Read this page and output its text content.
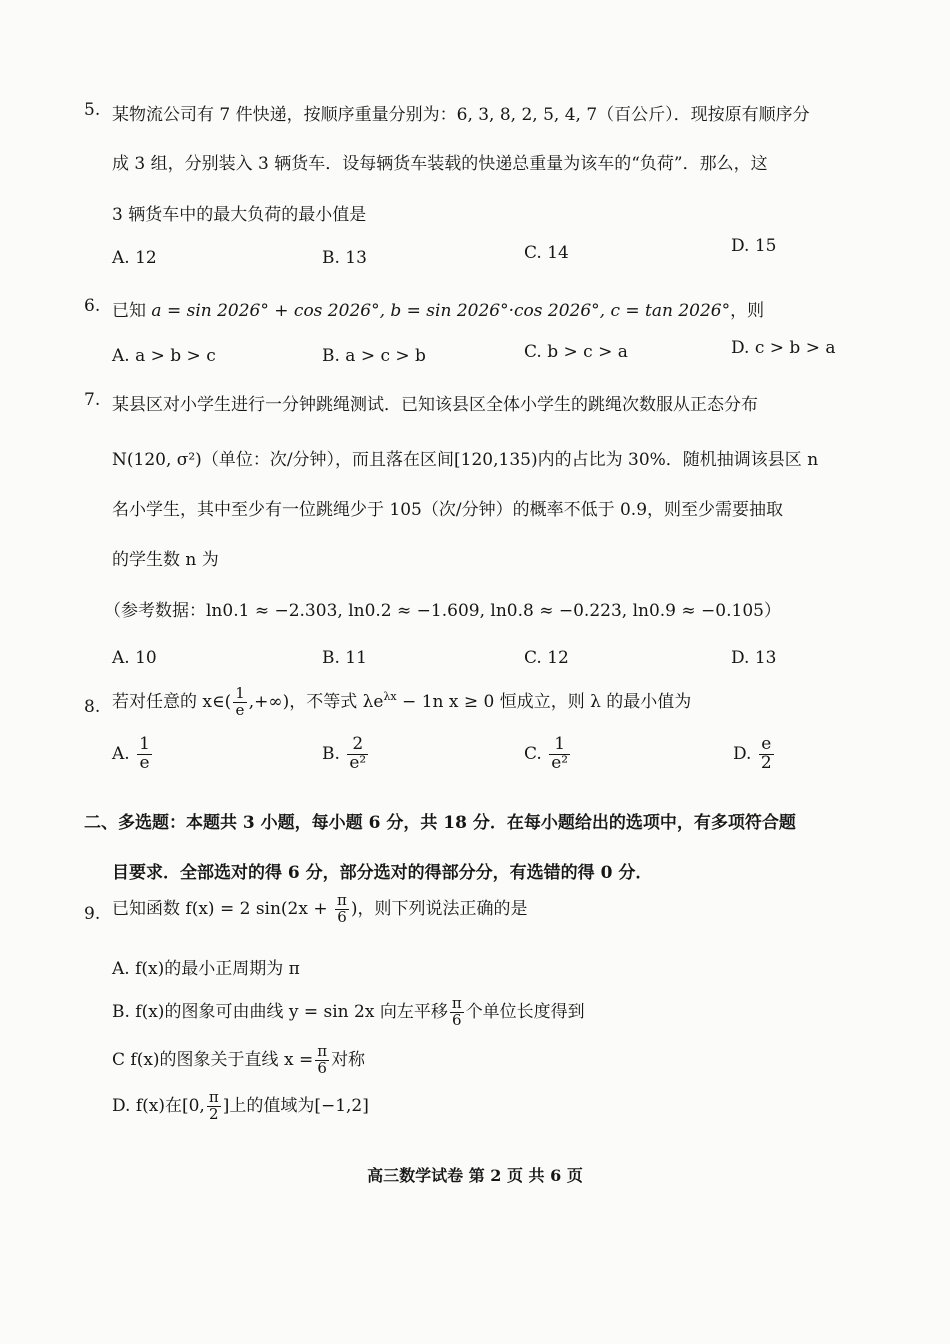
5. 某物流公司有 7 件快递，按顺序重量分别为：6, 3, 8, 2, 5, 4, 7（百公斤）．现按原有顺序分
成 3 组，分别装入 3 辆货车．设每辆货车装载的快递总重量为该车的“负荷”．那么，这
3 辆货车中的最大负荷的最小值是
A. 12	B. 13	C. 14	D. 15
6. 已知 a = sin 2026° + cos 2026°, b = sin 2026°·cos 2026°, c = tan 2026°，则
A. a > b > c	B. a > c > b	C. b > c > a	D. c > b > a
7. 某县区对小学生进行一分钟跳绳测试．已知该县区全体小学生的跳绳次数服从正态分布
N(120, σ²)（单位：次/分钟），而且落在区间[120,135)内的占比为 30%．随机抽调该县区 n
名小学生，其中至少有一位跳绳少于 105（次/分钟）的概率不低于 0.9，则至少需要抽取
的学生数 n 为
（参考数据：ln0.1 ≈ −2.303, ln0.2 ≈ −1.609, ln0.8 ≈ −0.223, ln0.9 ≈ −0.105）
A. 10	B. 11	C. 12	D. 13
8. 若对任意的 x∈( $\frac{1}{e}$ ,+∞)，不等式 $\lambda e^{\lambda x} - 1n$ x ≥ 0 恒成立，则 λ 的最小值为
A. $\frac{1}{e}$	B. $\frac{2}{\text{e²}}$	C. $\frac{1}{\text{e²}}$	D. $\frac{e}{2}$
二、多选题：本题共 3 小题，每小题 6 分，共 18 分．在每小题给出的选项中，有多项符合题
目要求．全部选对的得 6 分，部分选对的得部分分，有选错的得 0 分．
9. 已知函数 f(x) = 2 $\sin(2x + \frac{\pi}{6}$ )，则下列说法正确的是
A. f(x)的最小正周期为 π
B. f(x)的图象可由曲线 y = sin 2x 向左平移 $\frac{\pi}{6}$ 个单位长度得到
C f(x)的图象关于直线 $x = \frac{\pi}{6}$ 对称
D. f(x)在[0, $\frac{\pi}{2}$ ]上的值域为[−1,2]
高三数学试卷 第 2 页 共 6 页
